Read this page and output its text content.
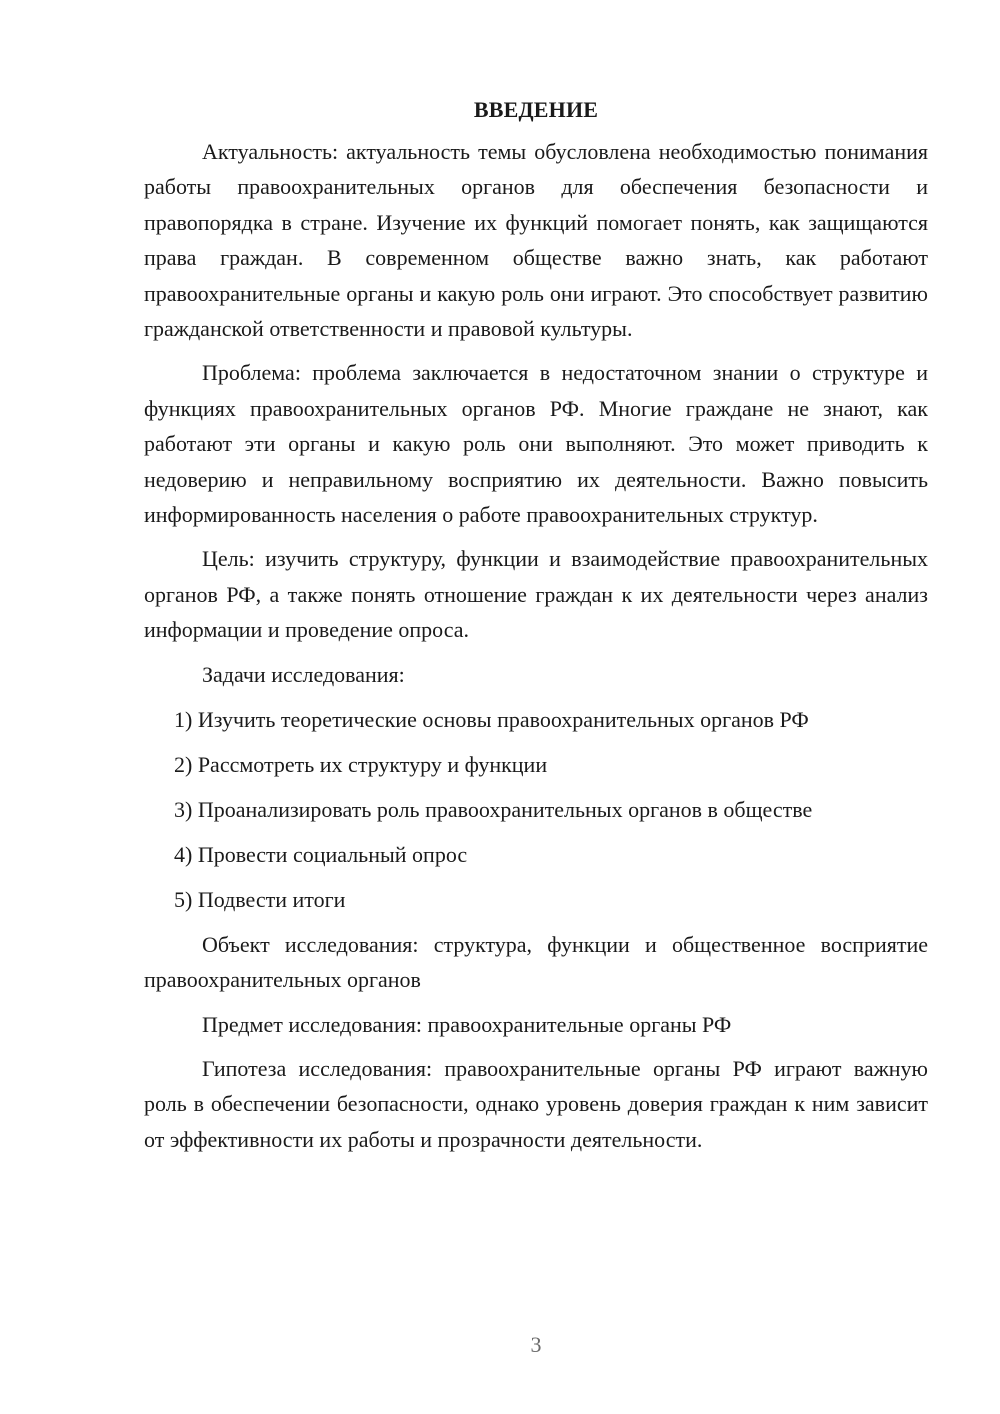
ВВЕДЕНИЕ

Актуальность: актуальность темы обусловлена необходимостью понимания работы правоохранительных органов для обеспечения безопасности и правопорядка в стране. Изучение их функций помогает понять, как защищаются права граждан. В современном обществе важно знать, как работают правоохранительные органы и какую роль они играют. Это способствует развитию гражданской ответственности и правовой культуры.

Проблема: проблема заключается в недостаточном знании о структуре и функциях правоохранительных органов РФ. Многие граждане не знают, как работают эти органы и какую роль они выполняют. Это может приводить к недоверию и неправильному восприятию их деятельности. Важно повысить информированность населения о работе правоохранительных структур.

Цель: изучить структуру, функции и взаимодействие правоохранительных органов РФ, а также понять отношение граждан к их деятельности через анализ информации и проведение опроса.

Задачи исследования:

1) Изучить теоретические основы правоохранительных органов РФ
2) Рассмотреть их структуру и функции
3) Проанализировать роль правоохранительных органов в обществе
4) Провести социальный опрос
5) Подвести итоги

Объект исследования: структура, функции и общественное восприятие правоохранительных органов

Предмет исследования: правоохранительные органы РФ

Гипотеза исследования: правоохранительные органы РФ играют важную роль в обеспечении безопасности, однако уровень доверия граждан к ним зависит от эффективности их работы и прозрачности деятельности.

3
